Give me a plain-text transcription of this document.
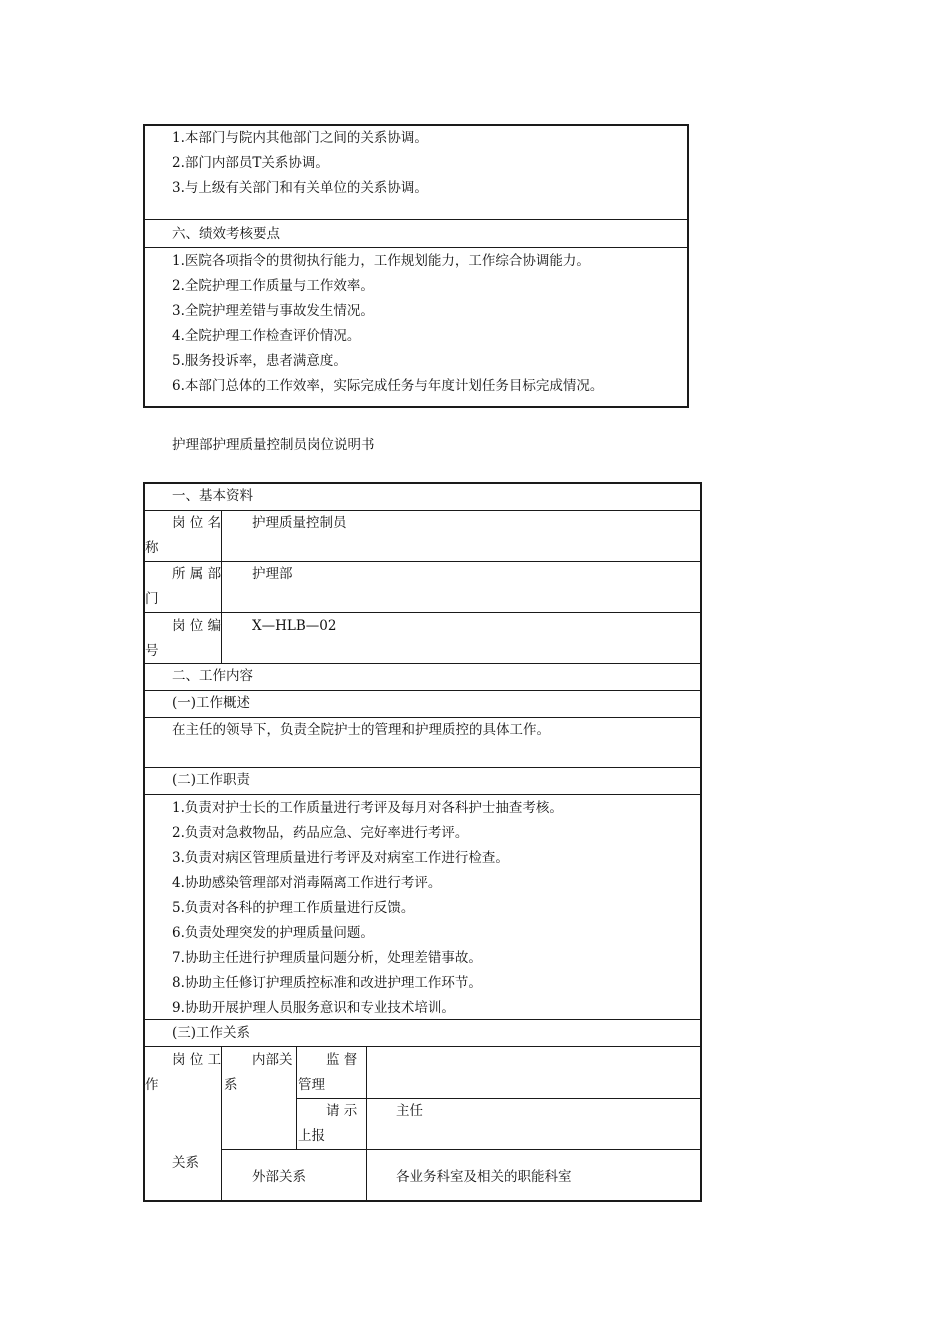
1.本部门与院内其他部门之间的关系协调。
2.部门内部员T关系协调。
3.与上级有关部门和有关单位的关系协调。
六、绩效考核要点
1.医院各项指令的贯彻执行能力，工作规划能力，工作综合协调能力。
2.全院护理工作质量与工作效率。
3.全院护理差错与事故发生情况。
4.全院护理工作检查评价情况。
5.服务投诉率，患者满意度。
6.本部门总体的工作效率，实际完成任务与年度计划任务目标完成情况。
护理部护理质量控制员岗位说明书
一、基本资料
岗 位 名
称
护理质量控制员
所 属 部
门
护理部
岗 位 编
号
X—HLB—02
二、工作内容
(一)工作概述
在主任的领导下，负责全院护士的管理和护理质控的具体工作。
(二)工作职责
1.负责对护士长的工作质量进行考评及每月对各科护士抽查考核。
2.负责对急救物品，药品应急、完好率进行考评。
3.负责对病区管理质量进行考评及对病室工作进行检查。
4.协助感染管理部对消毒隔离工作进行考评。
5.负责对各科的护理工作质量进行反馈。
6.负责处理突发的护理质量问题。
7.协助主任进行护理质量问题分析，处理差错事故。
8.协助主任修订护理质控标准和改进护理工作环节。
9.协助开展护理人员服务意识和专业技术培训。
(三)工作关系
岗 位 工
作
关系
内部关
系
监 督
管理
请 示
上报
主任
外部关系	各业务科室及相关的职能科室
